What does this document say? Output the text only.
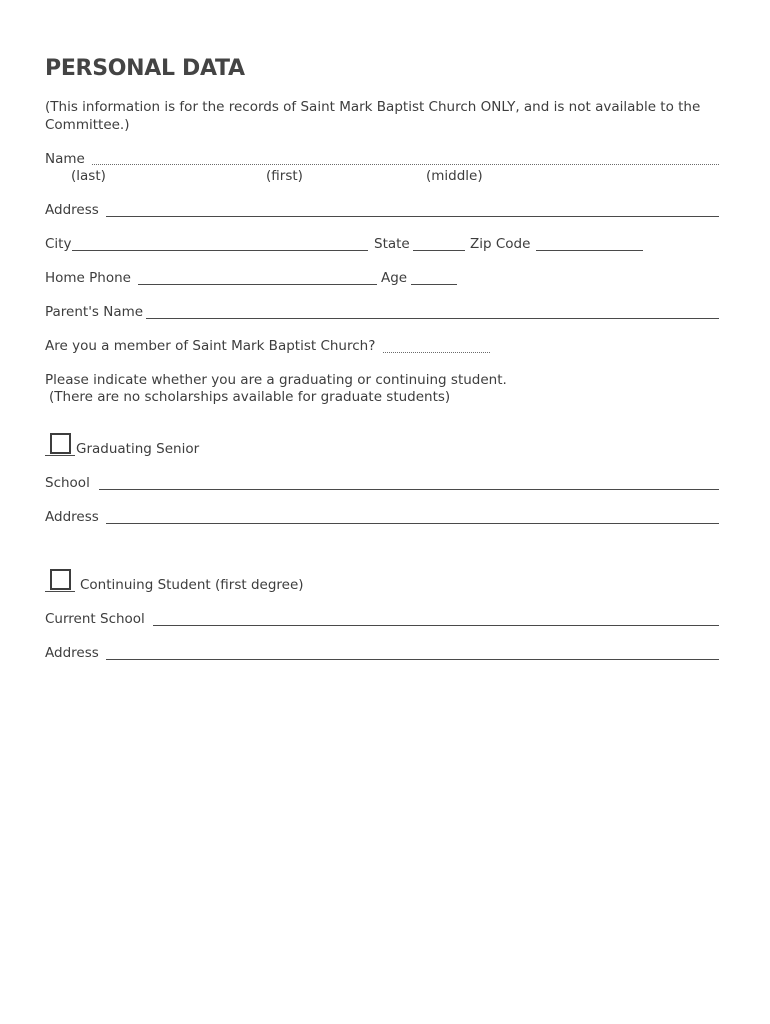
PERSONAL DATA
(This information is for the records of Saint Mark Baptist Church ONLY, and is not available to the
Committee.)
Name
(last)	(first)	(middle)
Address
City	State	Zip Code
Home Phone	Age
Parent's Name
Are you a member of Saint Mark Baptist Church?
Please indicate whether you are a graduating or continuing student.
(There are no scholarships available for graduate students)
Graduating Senior
School
Address
Continuing Student (first degree)
Current School
Address
